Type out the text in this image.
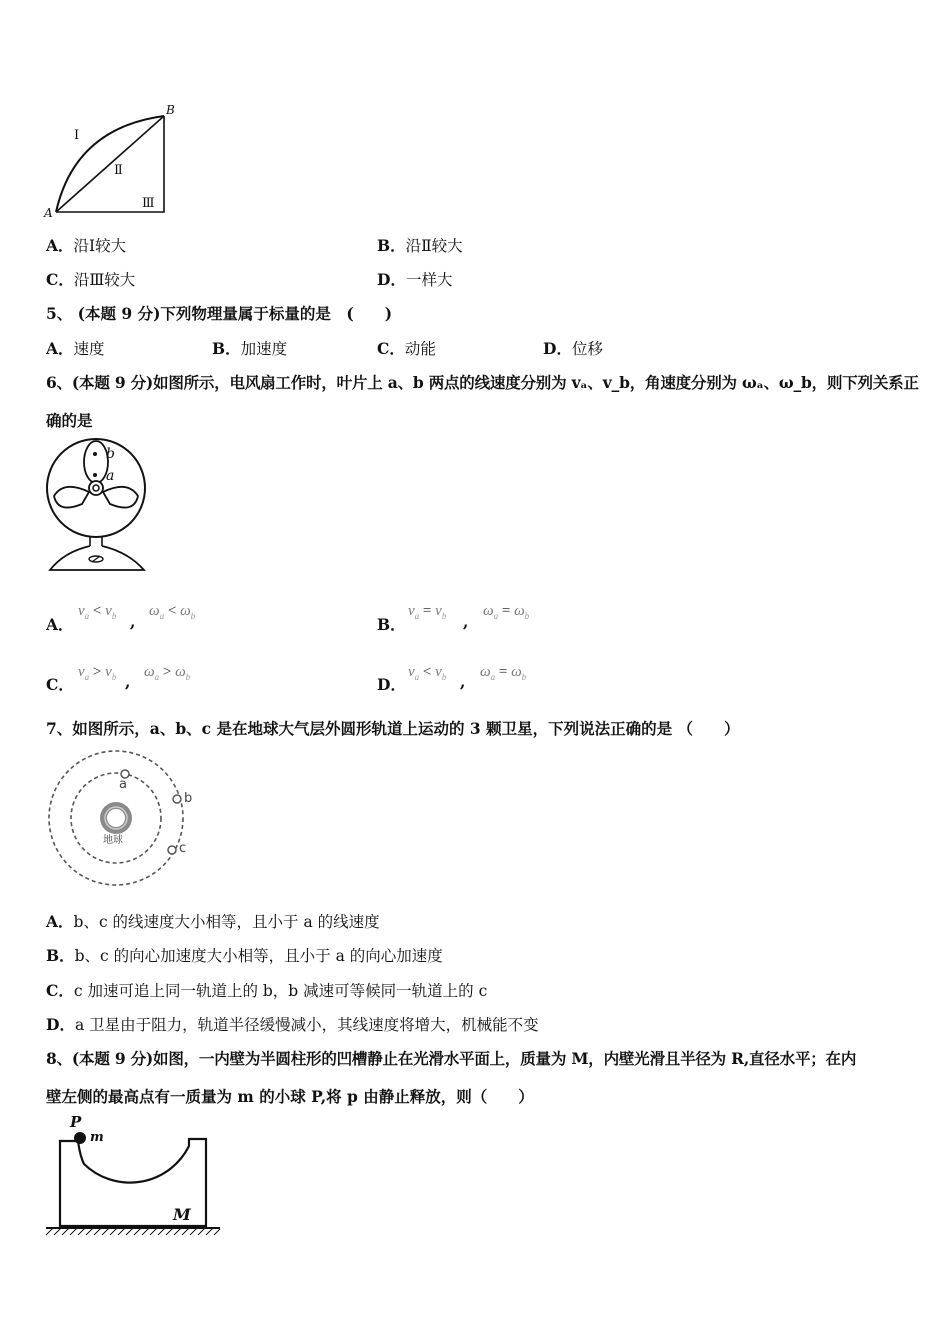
A
B
Ⅰ
Ⅱ
Ⅲ
A．沿Ⅰ较大	B．沿Ⅱ较大
C．沿Ⅲ较大	D．一样大
5、 (本题 9 分)下列物理量属于标量的是　(　　)
A．速度	B．加速度	C．动能	D．位移
6、(本题 9 分)如图所示，电风扇工作时，叶片上 a、b 两点的线速度分别为 vₐ、v_b，角速度分别为 ωₐ、ω_b，则下列关系正
确的是
b
a
A．
$v_a < v_b$ ,
$\omega_a < \omega_b$	B．
$v_a = v_b$ ,
$\omega_a = \omega_b$
C．
$v_a > v_b$ , $\omega_a > \omega_b$	D．
$v_a < v_b$ , $\omega_a = \omega_b$
7、如图所示，a、b、c 是在地球大气层外圆形轨道上运动的 3 颗卫星，下列说法正确的是 （　　）
地球
a
b
c
A．b、c 的线速度大小相等，且小于 a 的线速度
B．b、c 的向心加速度大小相等，且小于 a 的向心加速度
C．c 加速可追上同一轨道上的 b，b 减速可等候同一轨道上的 c
D．a 卫星由于阻力，轨道半径缓慢减小，其线速度将增大，机械能不变
8、(本题 9 分)如图，一内壁为半圆柱形的凹槽静止在光滑水平面上，质量为 M，内壁光滑且半径为 R,直径水平；在内
壁左侧的最高点有一质量为 m 的小球 P,将 p 由静止释放，则（　　）
P
m
M
